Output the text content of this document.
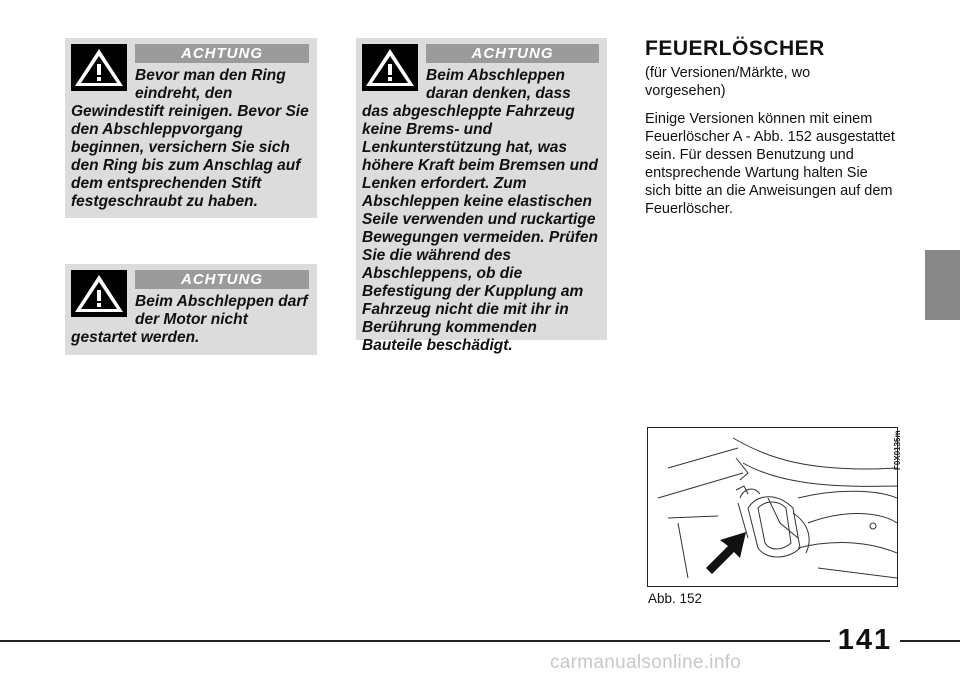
ACHTUNG
Bevor man den Ring eindreht, den Gewindestift reinigen. Bevor Sie den Abschleppvorgang beginnen, versichern Sie sich den Ring bis zum Anschlag auf dem entsprechenden Stift festgeschraubt zu haben.
ACHTUNG
Beim Abschleppen darf der Motor nicht gestartet werden.
ACHTUNG
Beim Abschleppen daran denken, dass das abgeschleppte Fahrzeug keine Brems- und Lenkunterstützung hat, was höhere Kraft beim Bremsen und Lenken erfordert. Zum Abschleppen keine elastischen Seile verwenden und ruckartige Bewegungen vermeiden. Prüfen Sie die während des Abschleppens, ob die Befestigung der Kupplung am Fahrzeug nicht die mit ihr in Berührung kommenden Bauteile beschädigt.
FEUERLÖSCHER
(für Versionen/Märkte, wo vorgesehen)
Einige Versionen können mit einem Feuerlöscher A - Abb. 152 ausgestattet sein. Für dessen Benutzung und entsprechende Wartung halten Sie sich bitte an die Anweisungen auf dem Feuerlöscher.
F0X0135m
Abb. 152
141
carmanualsonline.info
